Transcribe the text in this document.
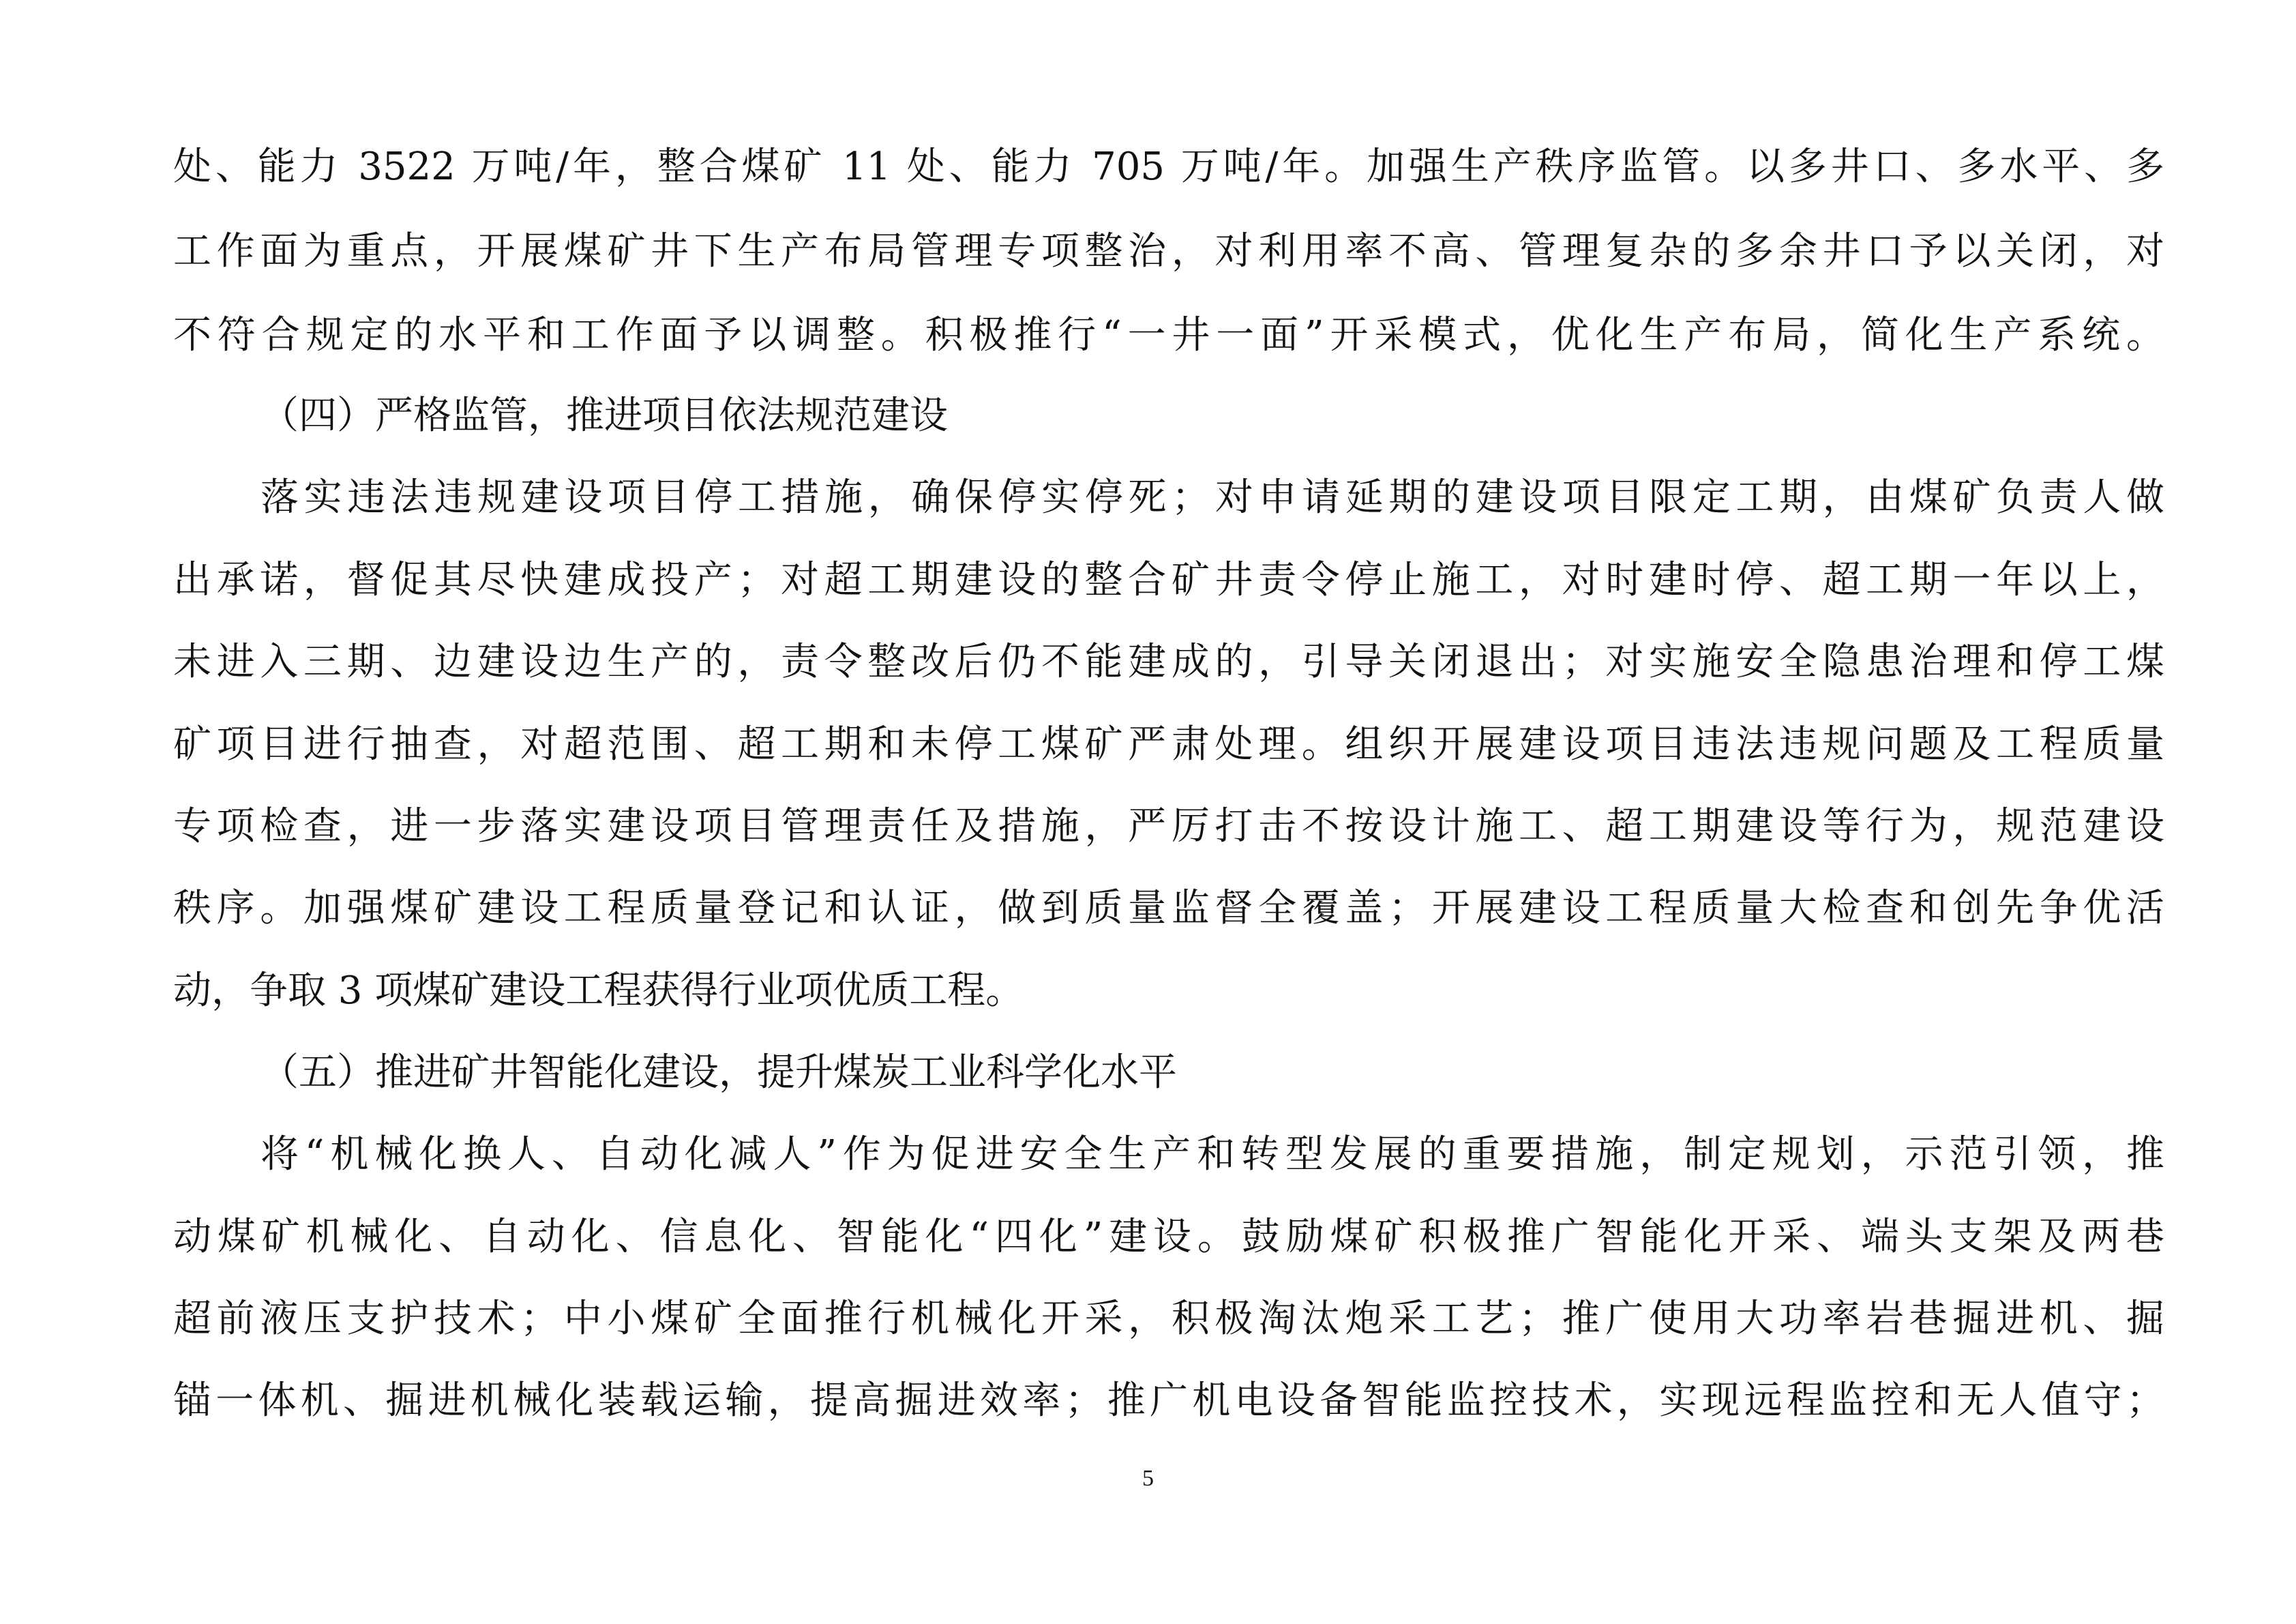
处、能力 3522 万吨/年，整合煤矿 11 处、能力 705 万吨/年。加强生产秩序监管。以多井口、多水平、多
工作面为重点，开展煤矿井下生产布局管理专项整治，对利用率不高、管理复杂的多余井口予以关闭，对
不符合规定的水平和工作面予以调整。积极推行“一井一面”开采模式，优化生产布局，简化生产系统。
（四）严格监管，推进项目依法规范建设
落实违法违规建设项目停工措施，确保停实停死；对申请延期的建设项目限定工期，由煤矿负责人做
出承诺，督促其尽快建成投产；对超工期建设的整合矿井责令停止施工，对时建时停、超工期一年以上，
未进入三期、边建设边生产的，责令整改后仍不能建成的，引导关闭退出；对实施安全隐患治理和停工煤
矿项目进行抽查，对超范围、超工期和未停工煤矿严肃处理。组织开展建设项目违法违规问题及工程质量
专项检查，进一步落实建设项目管理责任及措施，严厉打击不按设计施工、超工期建设等行为，规范建设
秩序。加强煤矿建设工程质量登记和认证，做到质量监督全覆盖；开展建设工程质量大检查和创先争优活
动，争取 3 项煤矿建设工程获得行业项优质工程。
（五）推进矿井智能化建设，提升煤炭工业科学化水平
将“机械化换人、自动化减人”作为促进安全生产和转型发展的重要措施，制定规划，示范引领，推
动煤矿机械化、自动化、信息化、智能化“四化”建设。鼓励煤矿积极推广智能化开采、端头支架及两巷
超前液压支护技术；中小煤矿全面推行机械化开采，积极淘汰炮采工艺；推广使用大功率岩巷掘进机、掘
锚一体机、掘进机械化装载运输，提高掘进效率；推广机电设备智能监控技术，实现远程监控和无人值守；
5
